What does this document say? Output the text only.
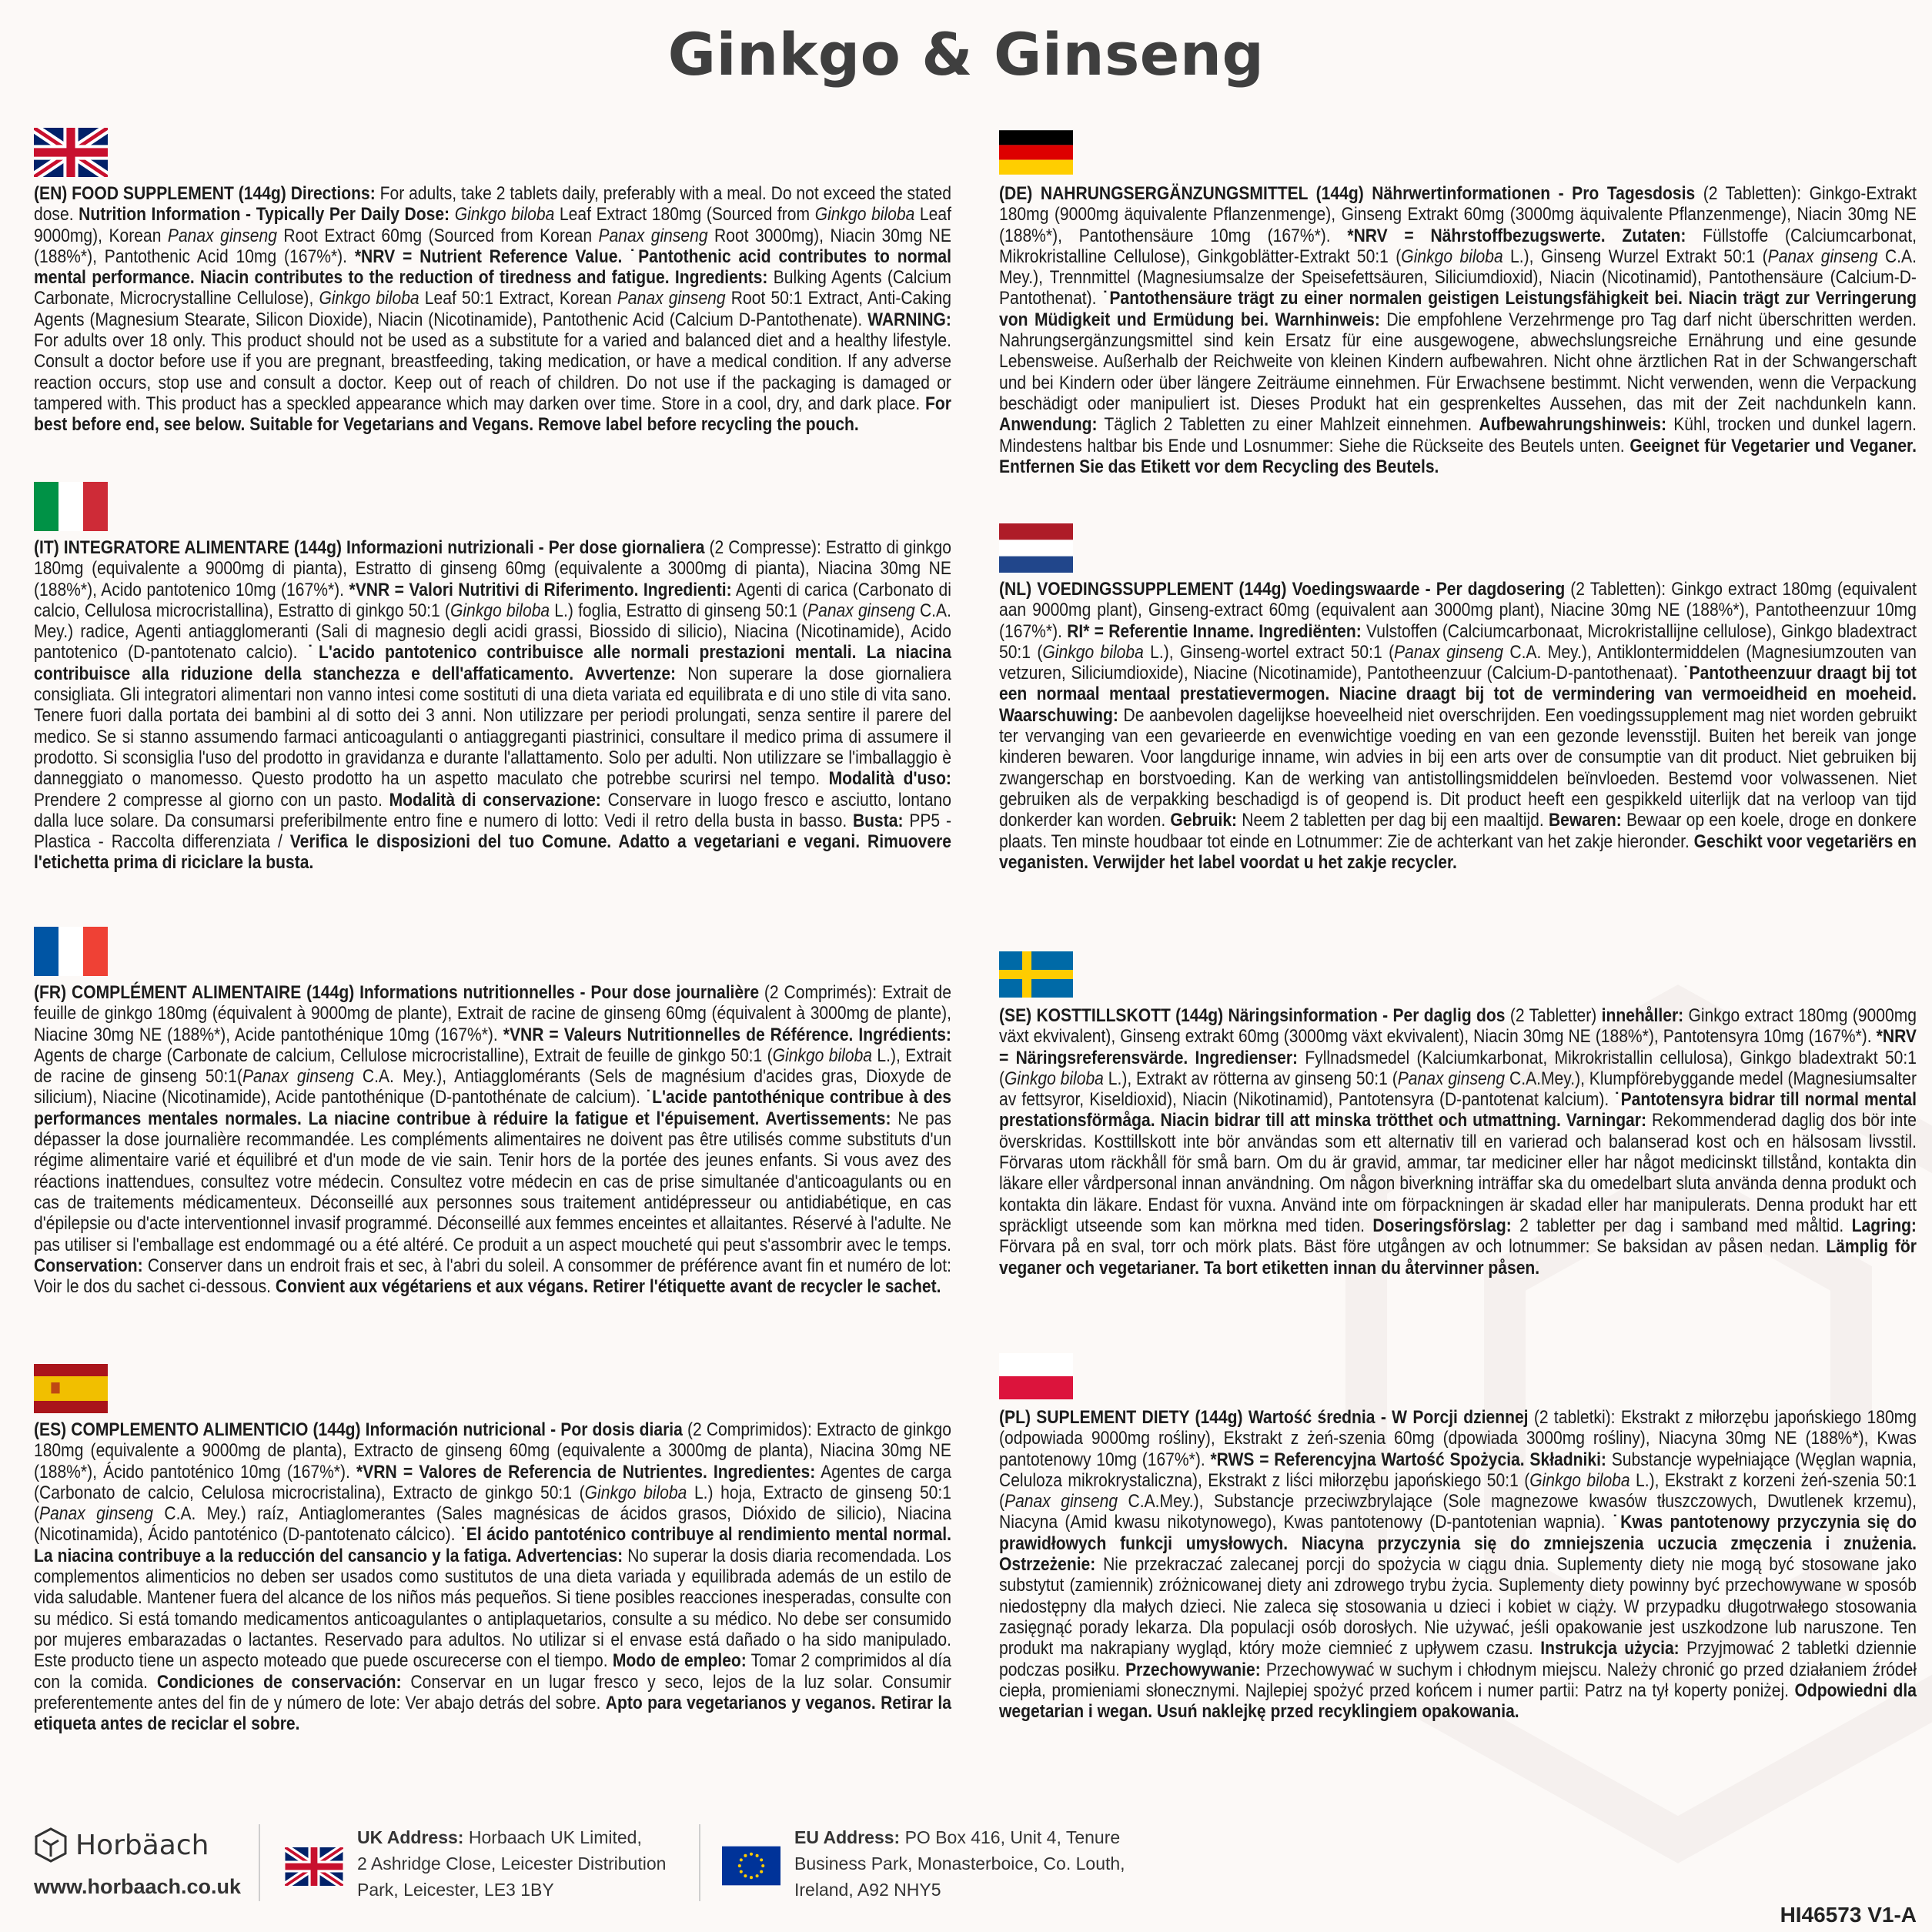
Ginkgo & Ginseng
(EN) FOOD SUPPLEMENT (144g) Directions: For adults, take 2 tablets daily, preferably with a meal. Do not exceed the stated dose. Nutrition Information - Typically Per Daily Dose: Ginkgo biloba Leaf Extract 180mg (Sourced from Ginkgo biloba Leaf 9000mg), Korean Panax ginseng Root Extract 60mg (Sourced from Korean Panax ginseng Root 3000mg), Niacin 30mg NE (188%*), Pantothenic Acid 10mg (167%*). *NRV = Nutrient Reference Value. ˙Pantothenic acid contributes to normal mental performance. Niacin contributes to the reduction of tiredness and fatigue. Ingredients: Bulking Agents (Calcium Carbonate, Microcrystalline Cellulose), Ginkgo biloba Leaf 50:1 Extract, Korean Panax ginseng Root 50:1 Extract, Anti-Caking Agents (Magnesium Stearate, Silicon Dioxide), Niacin (Nicotinamide), Pantothenic Acid (Calcium D-Pantothenate). WARNING: For adults over 18 only. This product should not be used as a substitute for a varied and balanced diet and a healthy lifestyle. Consult a doctor before use if you are pregnant, breastfeeding, taking medication, or have a medical condition. If any adverse reaction occurs, stop use and consult a doctor. Keep out of reach of children. Do not use if the packaging is damaged or tampered with. This product has a speckled appearance which may darken over time. Store in a cool, dry, and dark place. For best before end, see below. Suitable for Vegetarians and Vegans. Remove label before recycling the pouch.
(IT) INTEGRATORE ALIMENTARE (144g) Informazioni nutrizionali - Per dose giornaliera (2 Compresse): Estratto di ginkgo 180mg (equivalente a 9000mg di pianta), Estratto di ginseng 60mg (equivalente a 3000mg di pianta), Niacina 30mg NE (188%*), Acido pantotenico 10mg (167%*). *VNR = Valori Nutritivi di Riferimento. Ingredienti: Agenti di carica (Carbonato di calcio, Cellulosa microcristallina), Estratto di ginkgo 50:1 (Ginkgo biloba L.) foglia, Estratto di ginseng 50:1 (Panax ginseng C.A. Mey.) radice, Agenti antiagglomeranti (Sali di magnesio degli acidi grassi, Biossido di silicio), Niacina (Nicotinamide), Acido pantotenico (D-pantotenato calcio). ˙L'acido pantotenico contribuisce alle normali prestazioni mentali. La niacina contribuisce alla riduzione della stanchezza e dell'affaticamento. Avvertenze: Non superare la dose giornaliera consigliata. Gli integratori alimentari non vanno intesi come sostituti di una dieta variata ed equilibrata e di uno stile di vita sano. Tenere fuori dalla portata dei bambini al di sotto dei 3 anni. Non utilizzare per periodi prolungati, senza sentire il parere del medico. Se si stanno assumendo farmaci anticoagulanti o antiaggreganti piastrinici, consultare il medico prima di assumere il prodotto. Si sconsiglia l'uso del prodotto in gravidanza e durante l'allattamento. Solo per adulti. Non utilizzare se l'imballaggio è danneggiato o manomesso. Questo prodotto ha un aspetto maculato che potrebbe scurirsi nel tempo. Modalità d'uso: Prendere 2 compresse al giorno con un pasto. Modalità di conservazione: Conservare in luogo fresco e asciutto, lontano dalla luce solare. Da consumarsi preferibilmente entro fine e numero di lotto: Vedi il retro della busta in basso. Busta: PP5 - Plastica - Raccolta differenziata / Verifica le disposizioni del tuo Comune. Adatto a vegetariani e vegani. Rimuovere l'etichetta prima di riciclare la busta.
(FR) COMPLÉMENT ALIMENTAIRE (144g) Informations nutritionnelles - Pour dose journalière (2 Comprimés): Extrait de feuille de ginkgo 180mg (équivalent à 9000mg de plante), Extrait de racine de ginseng 60mg (équivalent à 3000mg de plante), Niacine 30mg NE (188%*), Acide pantothénique 10mg (167%*). *VNR = Valeurs Nutritionnelles de Référence. Ingrédients: Agents de charge (Carbonate de calcium, Cellulose microcristalline), Extrait de feuille de ginkgo 50:1 (Ginkgo biloba L.), Extrait de racine de ginseng 50:1(Panax ginseng C.A. Mey.), Antiagglomérants (Sels de magnésium d'acides gras, Dioxyde de silicium), Niacine (Nicotinamide), Acide pantothénique (D-pantothénate de calcium). ˙L'acide pantothénique contribue à des performances mentales normales. La niacine contribue à réduire la fatigue et l'épuisement. Avertissements: Ne pas dépasser la dose journalière recommandée. Les compléments alimentaires ne doivent pas être utilisés comme substituts d'un régime alimentaire varié et équilibré et d'un mode de vie sain. Tenir hors de la portée des jeunes enfants. Si vous avez des réactions inattendues, consultez votre médecin. Consultez votre médecin en cas de prise simultanée d'anticoagulants ou en cas de traitements médicamenteux. Déconseillé aux personnes sous traitement antidépresseur ou antidiabétique, en cas d'épilepsie ou d'acte interventionnel invasif programmé. Déconseillé aux femmes enceintes et allaitantes. Réservé à l'adulte. Ne pas utiliser si l'emballage est endommagé ou a été altéré. Ce produit a un aspect moucheté qui peut s'assombrir avec le temps. Conservation: Conserver dans un endroit frais et sec, à l'abri du soleil. A consommer de préférence avant fin et numéro de lot: Voir le dos du sachet ci-dessous. Convient aux végétariens et aux végans. Retirer l'étiquette avant de recycler le sachet.
(ES) COMPLEMENTO ALIMENTICIO (144g) Información nutricional - Por dosis diaria (2 Comprimidos): Extracto de ginkgo 180mg (equivalente a 9000mg de planta), Extracto de ginseng 60mg (equivalente a 3000mg de planta), Niacina 30mg NE (188%*), Ácido pantoténico 10mg (167%*). *VRN = Valores de Referencia de Nutrientes. Ingredientes: Agentes de carga (Carbonato de calcio, Celulosa microcristalina), Extracto de ginkgo 50:1 (Ginkgo biloba L.) hoja, Extracto de ginseng 50:1 (Panax ginseng C.A. Mey.) raíz, Antiaglomerantes (Sales magnésicas de ácidos grasos, Dióxido de silicio), Niacina (Nicotinamida), Ácido pantoténico (D-pantotenato cálcico). ˙El ácido pantoténico contribuye al rendimiento mental normal. La niacina contribuye a la reducción del cansancio y la fatiga. Advertencias: No superar la dosis diaria recomendada. Los complementos alimenticios no deben ser usados como sustitutos de una dieta variada y equilibrada además de un estilo de vida saludable. Mantener fuera del alcance de los niños más pequeños. Si tiene posibles reacciones inesperadas, consulte con su médico. Si está tomando medicamentos anticoagulantes o antiplaquetarios, consulte a su médico. No debe ser consumido por mujeres embarazadas o lactantes. Reservado para adultos. No utilizar si el envase está dañado o ha sido manipulado. Este producto tiene un aspecto moteado que puede oscurecerse con el tiempo. Modo de empleo: Tomar 2 comprimidos al día con la comida. Condiciones de conservación: Conservar en un lugar fresco y seco, lejos de la luz solar. Consumir preferentemente antes del fin de y número de lote: Ver abajo detrás del sobre. Apto para vegetarianos y veganos. Retirar la etiqueta antes de reciclar el sobre.
(DE) NAHRUNGSERGÄNZUNGSMITTEL (144g) Nährwertinformationen - Pro Tagesdosis (2 Tabletten): Ginkgo-Extrakt 180mg (9000mg äquivalente Pflanzenmenge), Ginseng Extrakt 60mg (3000mg äquivalente Pflanzenmenge), Niacin 30mg NE (188%*), Pantothensäure 10mg (167%*). *NRV = Nährstoffbezugswerte. Zutaten: Füllstoffe (Calciumcarbonat, Mikrokristalline Cellulose), Ginkgoblätter-Extrakt 50:1 (Ginkgo biloba L.), Ginseng Wurzel Extrakt 50:1 (Panax ginseng C.A. Mey.), Trennmittel (Magnesiumsalze der Speisefettsäuren, Siliciumdioxid), Niacin (Nicotinamid), Pantothensäure (Calcium-D-Pantothenat). ˙Pantothensäure trägt zu einer normalen geistigen Leistungsfähigkeit bei. Niacin trägt zur Verringerung von Müdigkeit und Ermüdung bei. Warnhinweis: Die empfohlene Verzehrmenge pro Tag darf nicht überschritten werden. Nahrungsergänzungsmittel sind kein Ersatz für eine ausgewogene, abwechslungsreiche Ernährung und eine gesunde Lebensweise. Außerhalb der Reichweite von kleinen Kindern aufbewahren. Nicht ohne ärztlichen Rat in der Schwangerschaft und bei Kindern oder über längere Zeiträume einnehmen. Für Erwachsene bestimmt. Nicht verwenden, wenn die Verpackung beschädigt oder manipuliert ist. Dieses Produkt hat ein gesprenkeltes Aussehen, das mit der Zeit nachdunkeln kann. Anwendung: Täglich 2 Tabletten zu einer Mahlzeit einnehmen. Aufbewahrungshinweis: Kühl, trocken und dunkel lagern. Mindestens haltbar bis Ende und Losnummer: Siehe die Rückseite des Beutels unten. Geeignet für Vegetarier und Veganer. Entfernen Sie das Etikett vor dem Recycling des Beutels.
(NL) VOEDINGSSUPPLEMENT (144g) Voedingswaarde - Per dagdosering (2 Tabletten): Ginkgo extract 180mg (equivalent aan 9000mg plant), Ginseng-extract 60mg (equivalent aan 3000mg plant), Niacine 30mg NE (188%*), Pantotheenzuur 10mg (167%*). RI* = Referentie Inname. Ingrediënten: Vulstoffen (Calciumcarbonaat, Microkristallijne cellulose), Ginkgo bladextract 50:1 (Ginkgo biloba L.), Ginseng-wortel extract 50:1 (Panax ginseng C.A. Mey.), Antiklontermiddelen (Magnesiumzouten van vetzuren, Siliciumdioxide), Niacine (Nicotinamide), Pantotheenzuur (Calcium-D-pantothenaat). ˙Pantotheenzuur draagt bij tot een normaal mentaal prestatievermogen. Niacine draagt bij tot de vermindering van vermoeidheid en moeheid. Waarschuwing: De aanbevolen dagelijkse hoeveelheid niet overschrijden. Een voedingssupplement mag niet worden gebruikt ter vervanging van een gevarieerde en evenwichtige voeding en van een gezonde levensstijl. Buiten het bereik van jonge kinderen bewaren. Voor langdurige inname, win advies in bij een arts over de consumptie van dit product. Niet gebruiken bij zwangerschap en borstvoeding. Kan de werking van antistollingsmiddelen beïnvloeden. Bestemd voor volwassenen. Niet gebruiken als de verpakking beschadigd is of geopend is. Dit product heeft een gespikkeld uiterlijk dat na verloop van tijd donkerder kan worden. Gebruik: Neem 2 tabletten per dag bij een maaltijd. Bewaren: Bewaar op een koele, droge en donkere plaats. Ten minste houdbaar tot einde en Lotnummer: Zie de achterkant van het zakje hieronder. Geschikt voor vegetariërs en veganisten. Verwijder het label voordat u het zakje recycler.
(SE) KOSTTILLSKOTT (144g) Näringsinformation - Per daglig dos (2 Tabletter) innehåller: Ginkgo extract 180mg (9000mg växt ekvivalent), Ginseng extrakt 60mg (3000mg växt ekvivalent), Niacin 30mg NE (188%*), Pantotensyra 10mg (167%*). *NRV = Näringsreferensvärde. Ingredienser: Fyllnadsmedel (Kalciumkarbonat, Mikrokristallin cellulosa), Ginkgo bladextrakt 50:1 (Ginkgo biloba L.), Extrakt av rötterna av ginseng 50:1 (Panax ginseng C.A.Mey.), Klumpförebyggande medel (Magnesiumsalter av fettsyror, Kiseldioxid), Niacin (Nikotinamid), Pantotensyra (D-pantotenat kalcium). ˙Pantotensyra bidrar till normal mental prestationsförmåga. Niacin bidrar till att minska trötthet och utmattning. Varningar: Rekommenderad daglig dos bör inte överskridas. Kosttillskott inte bör användas som ett alternativ till en varierad och balanserad kost och en hälsosam livsstil. Förvaras utom räckhåll för små barn. Om du är gravid, ammar, tar mediciner eller har något medicinskt tillstånd, kontakta din läkare eller vårdpersonal innan användning. Om någon biverkning inträffar ska du omedelbart sluta använda denna produkt och kontakta din läkare. Endast för vuxna. Använd inte om förpackningen är skadad eller har manipulerats. Denna produkt har ett spräckligt utseende som kan mörkna med tiden. Doseringsförslag: 2 tabletter per dag i samband med måltid. Lagring: Förvara på en sval, torr och mörk plats. Bäst före utgången av och lotnummer: Se baksidan av påsen nedan. Lämplig för veganer och vegetarianer. Ta bort etiketten innan du återvinner påsen.
(PL) SUPLEMENT DIETY (144g) Wartość średnia - W Porcji dziennej (2 tabletki): Ekstrakt z miłorzębu japońskiego 180mg (odpowiada 9000mg rośliny), Ekstrakt z żeń-szenia 60mg (dpowiada 3000mg rośliny), Niacyna 30mg NE (188%*), Kwas pantotenowy 10mg (167%*). *RWS = Referencyjna Wartość Spożycia. Składniki: Substancje wypełniające (Węglan wapnia, Celuloza mikrokrystaliczna), Ekstrakt z liści miłorzębu japońskiego 50:1 (Ginkgo biloba L.), Ekstrakt z korzeni żeń-szenia 50:1 (Panax ginseng C.A.Mey.), Substancje przeciwzbrylające (Sole magnezowe kwasów tłuszczowych, Dwutlenek krzemu), Niacyna (Amid kwasu nikotynowego), Kwas pantotenowy (D-pantotenian wapnia). ˙Kwas pantotenowy przyczynia się do prawidłowych funkcji umysłowych. Niacyna przyczynia się do zmniejszenia uczucia zmęczenia i znużenia. Ostrzeżenie: Nie przekraczać zalecanej porcji do spożycia w ciągu dnia. Suplementy diety nie mogą być stosowane jako substytut (zamiennik) zróżnicowanej diety ani zdrowego trybu życia. Suplementy diety powinny być przechowywane w sposób niedostępny dla małych dzieci. Nie zaleca się stosowania u dzieci i kobiet w ciąży. W przypadku długotrwałego stosowania zasięgnąć porady lekarza. Dla populacji osób dorosłych. Nie używać, jeśli opakowanie jest uszkodzone lub naruszone. Ten produkt ma nakrapiany wygląd, który może ciemnieć z upływem czasu. Instrukcja użycia: Przyjmować 2 tabletki dziennie podczas posiłku. Przechowywanie: Przechowywać w suchym i chłodnym miejscu. Należy chronić go przed działaniem źródeł ciepła, promieniami słonecznymi. Najlepiej spożyć przed końcem i numer partii: Patrz na tył koperty poniżej. Odpowiedni dla wegetarian i wegan. Usuń naklejkę przed recyklingiem opakowania.
Horbäach
www.horbaach.co.uk
UK Address: Horbaach UK Limited,
2 Ashridge Close, Leicester Distribution
Park, Leicester, LE3 1BY
EU Address: PO Box 416, Unit 4, Tenure
Business Park, Monasterboice, Co. Louth,
Ireland, A92 NHY5
HI46573 V1-A
